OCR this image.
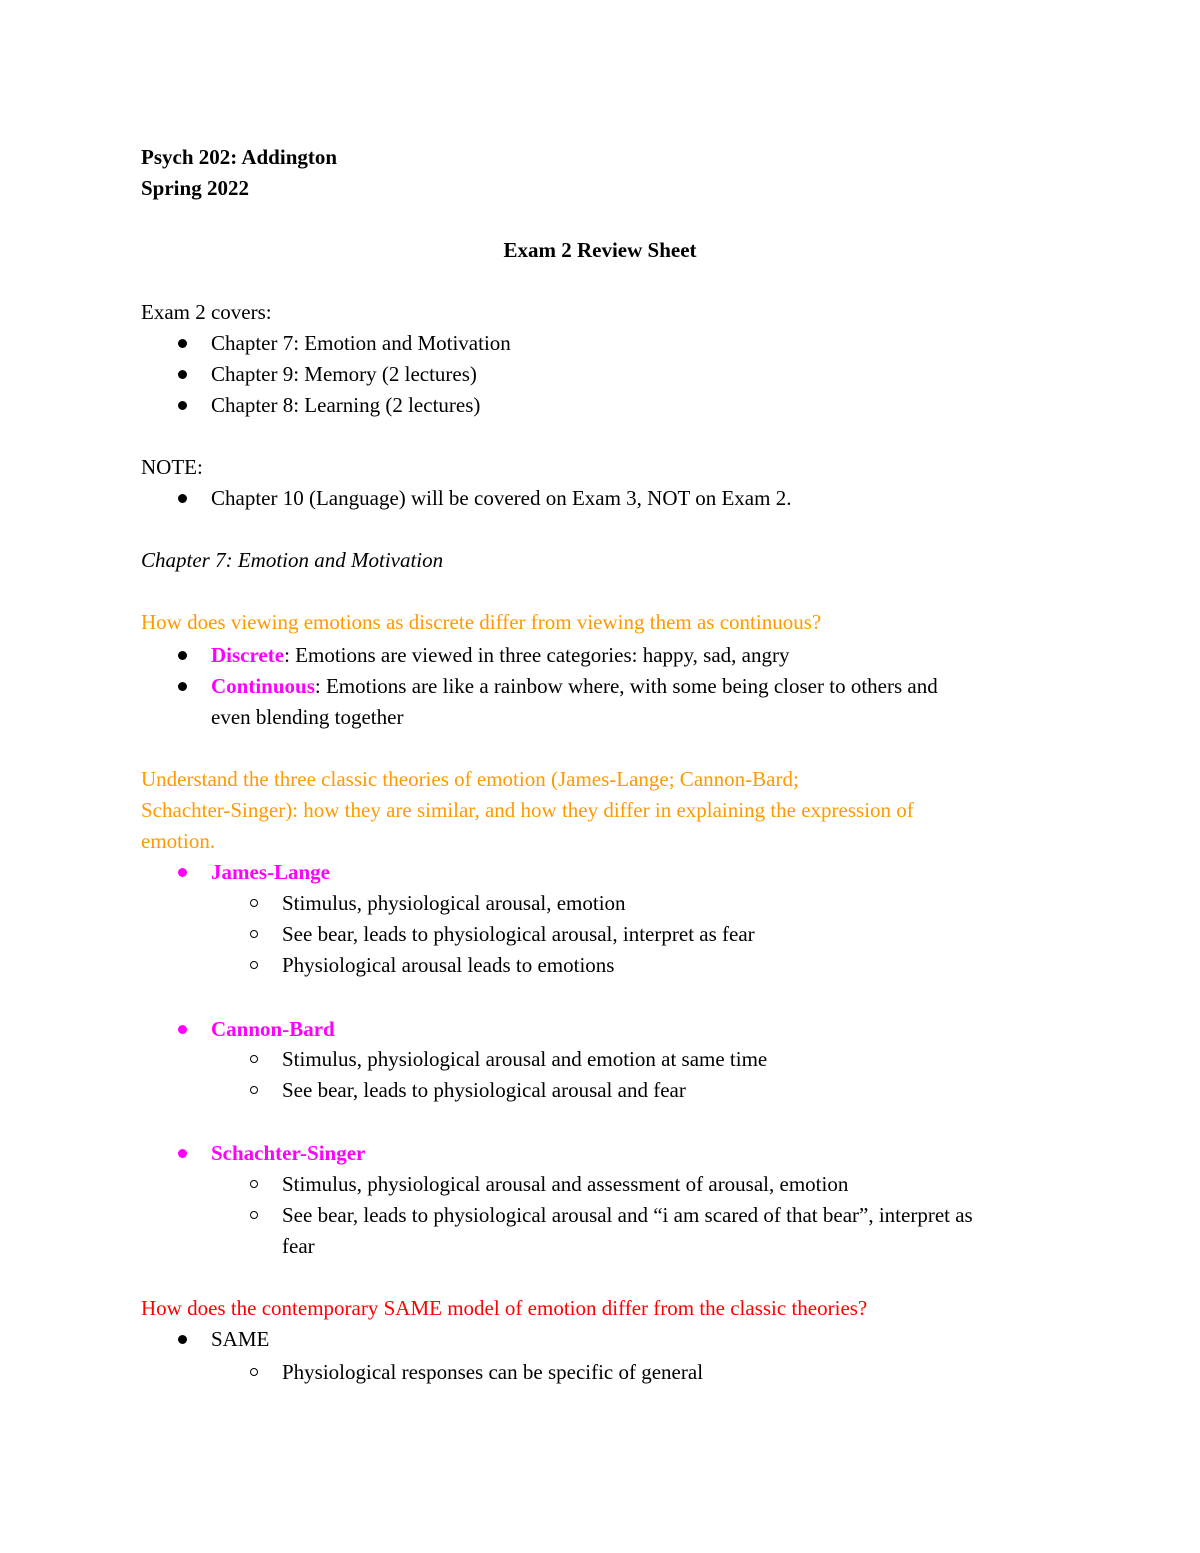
Psych 202: Addington
Spring 2022
Exam 2 Review Sheet
Exam 2 covers:
Chapter 7: Emotion and Motivation
Chapter 9: Memory (2 lectures)
Chapter 8: Learning (2 lectures)
NOTE:
Chapter 10 (Language) will be covered on Exam 3, NOT on Exam 2.
Chapter 7: Emotion and Motivation
How does viewing emotions as discrete differ from viewing them as continuous?
Discrete: Emotions are viewed in three categories: happy, sad, angry
Continuous: Emotions are like a rainbow where, with some being closer to others and
even blending together
Understand the three classic theories of emotion (James-Lange; Cannon-Bard;
Schachter-Singer): how they are similar, and how they differ in explaining the expression of
emotion.
James-Lange
Stimulus, physiological arousal, emotion
See bear, leads to physiological arousal, interpret as fear
Physiological arousal leads to emotions
Cannon-Bard
Stimulus, physiological arousal and emotion at same time
See bear, leads to physiological arousal and fear
Schachter-Singer
Stimulus, physiological arousal and assessment of arousal, emotion
See bear, leads to physiological arousal and “i am scared of that bear”, interpret as
fear
How does the contemporary SAME model of emotion differ from the classic theories?
SAME
Physiological responses can be specific of general
